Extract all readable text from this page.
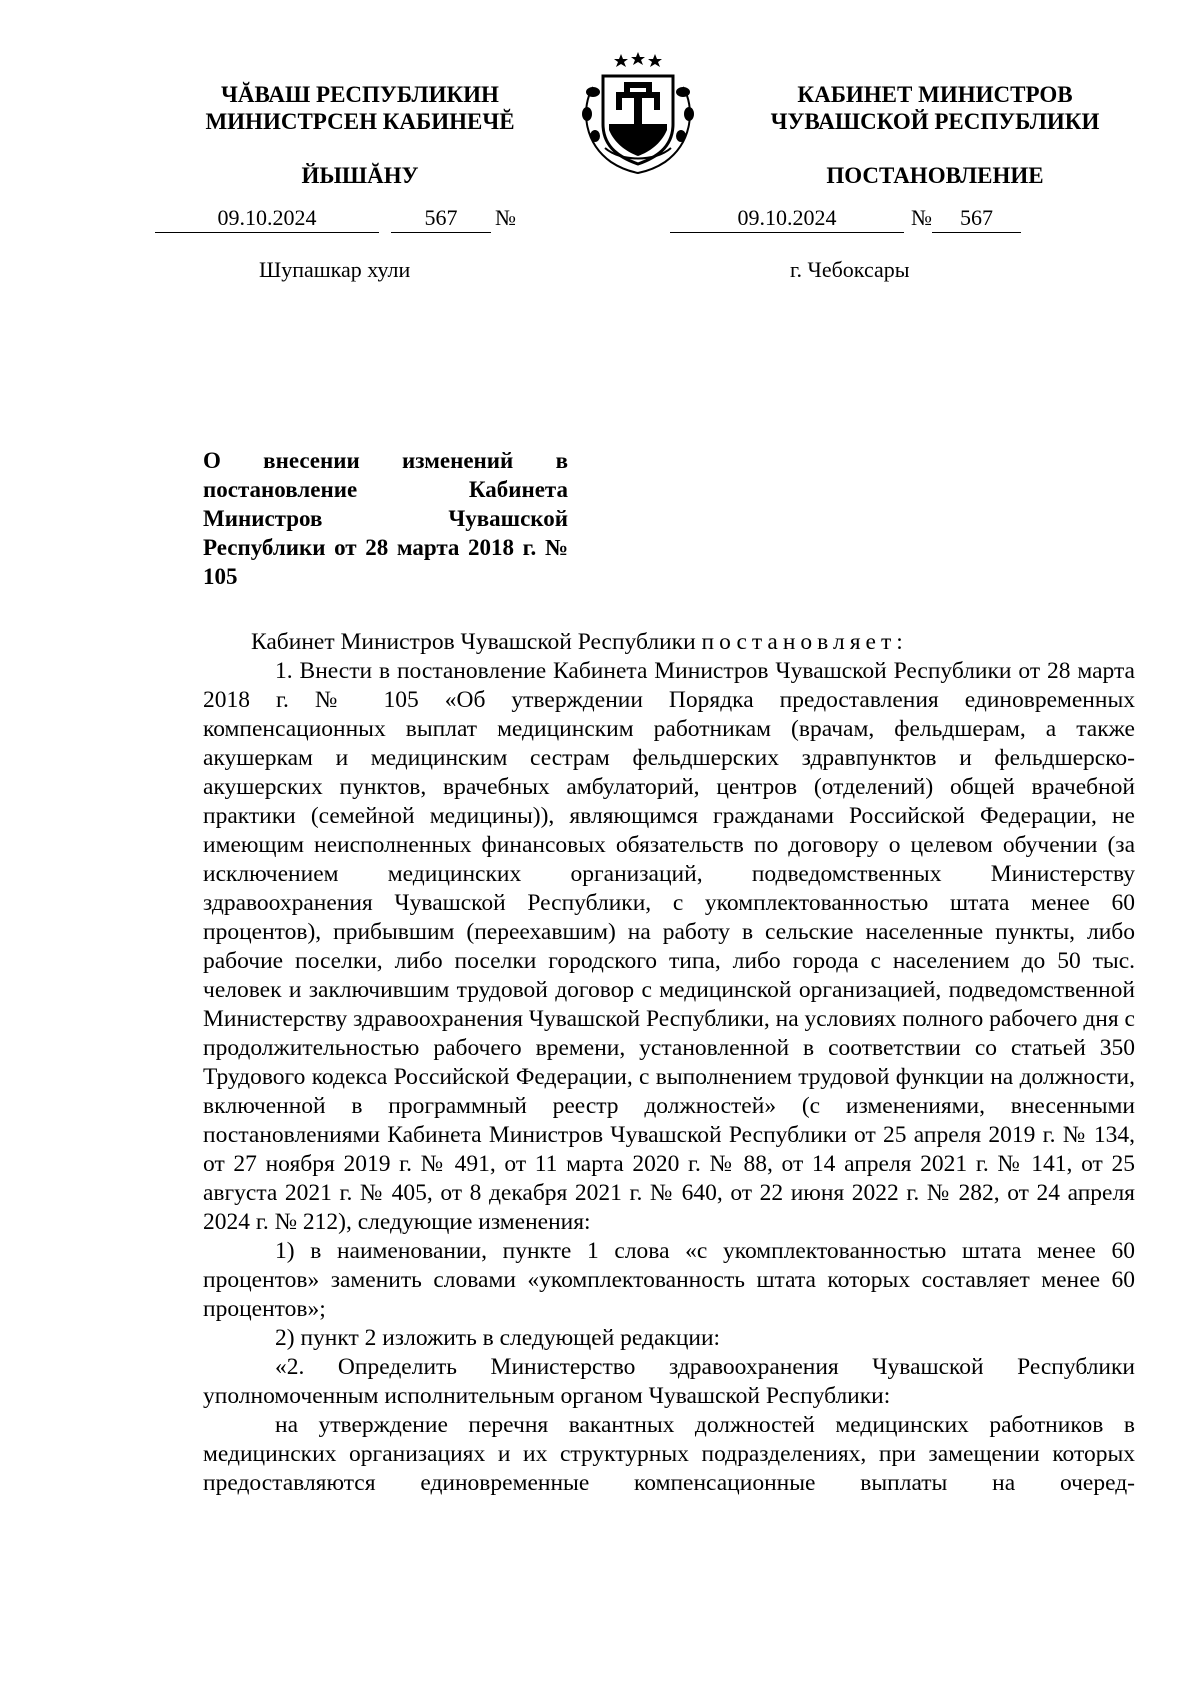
ЧĂВАШ РЕСПУБЛИКИН
МИНИСТРСЕН КАБИНЕЧĔ
ЙЫШĂНУ
КАБИНЕТ МИНИСТРОВ
ЧУВАШСКОЙ РЕСПУБЛИКИ
ПОСТАНОВЛЕНИЕ
09.10.2024	567	№	09.10.2024	№	567
Шупашкар хули	г. Чебоксары
О внесении изменений в постановление Кабинета Министров Чувашской Республики от 28 марта 2018 г. № 105

Кабинет Министров Чувашской Республики постановляет:

1. Внести в постановление Кабинета Министров Чувашской Республики от 28 марта 2018 г. № 105 «Об утверждении Порядка предоставления единовременных компенсационных выплат медицинским работникам (врачам, фельдшерам, а также акушеркам и медицинским сестрам фельдшерских здравпунктов и фельдшерско-акушерских пунктов, врачебных амбулаторий, центров (отделений) общей врачебной практики (семейной медицины)), являющимся гражданами Российской Федерации, не имеющим неисполненных финансовых обязательств по договору о целевом обучении (за исключением медицинских организаций, подведомственных Министерству здравоохранения Чувашской Республики, с укомплектованностью штата менее 60 процентов), прибывшим (переехавшим) на работу в сельские населенные пункты, либо рабочие поселки, либо поселки городского типа, либо города с населением до 50 тыс. человек и заключившим трудовой договор с медицинской организацией, подведомственной Министерству здравоохранения Чувашской Республики, на условиях полного рабочего дня с продолжительностью рабочего времени, установленной в соответствии со статьей 350 Трудового кодекса Российской Федерации, с выполнением трудовой функции на должности, включенной в программный реестр должностей» (с изменениями, внесенными постановлениями Кабинета Министров Чувашской Республики от 25 апреля 2019 г. № 134, от 27 ноября 2019 г. № 491, от 11 марта 2020 г. № 88, от 14 апреля 2021 г. № 141, от 25 августа 2021 г. № 405, от 8 декабря 2021 г. № 640, от 22 июня 2022 г. № 282, от 24 апреля 2024 г. № 212), следующие изменения:

1) в наименовании, пункте 1 слова «с укомплектованностью штата менее 60 процентов» заменить словами «укомплектованность штата которых составляет менее 60 процентов»;

2) пункт 2 изложить в следующей редакции:

«2. Определить Министерство здравоохранения Чувашской Республики уполномоченным исполнительным органом Чувашской Республики:

на утверждение перечня вакантных должностей медицинских работников в медицинских организациях и их структурных подразделениях, при замещении которых предоставляются единовременные компенсационные выплаты на очеред-
